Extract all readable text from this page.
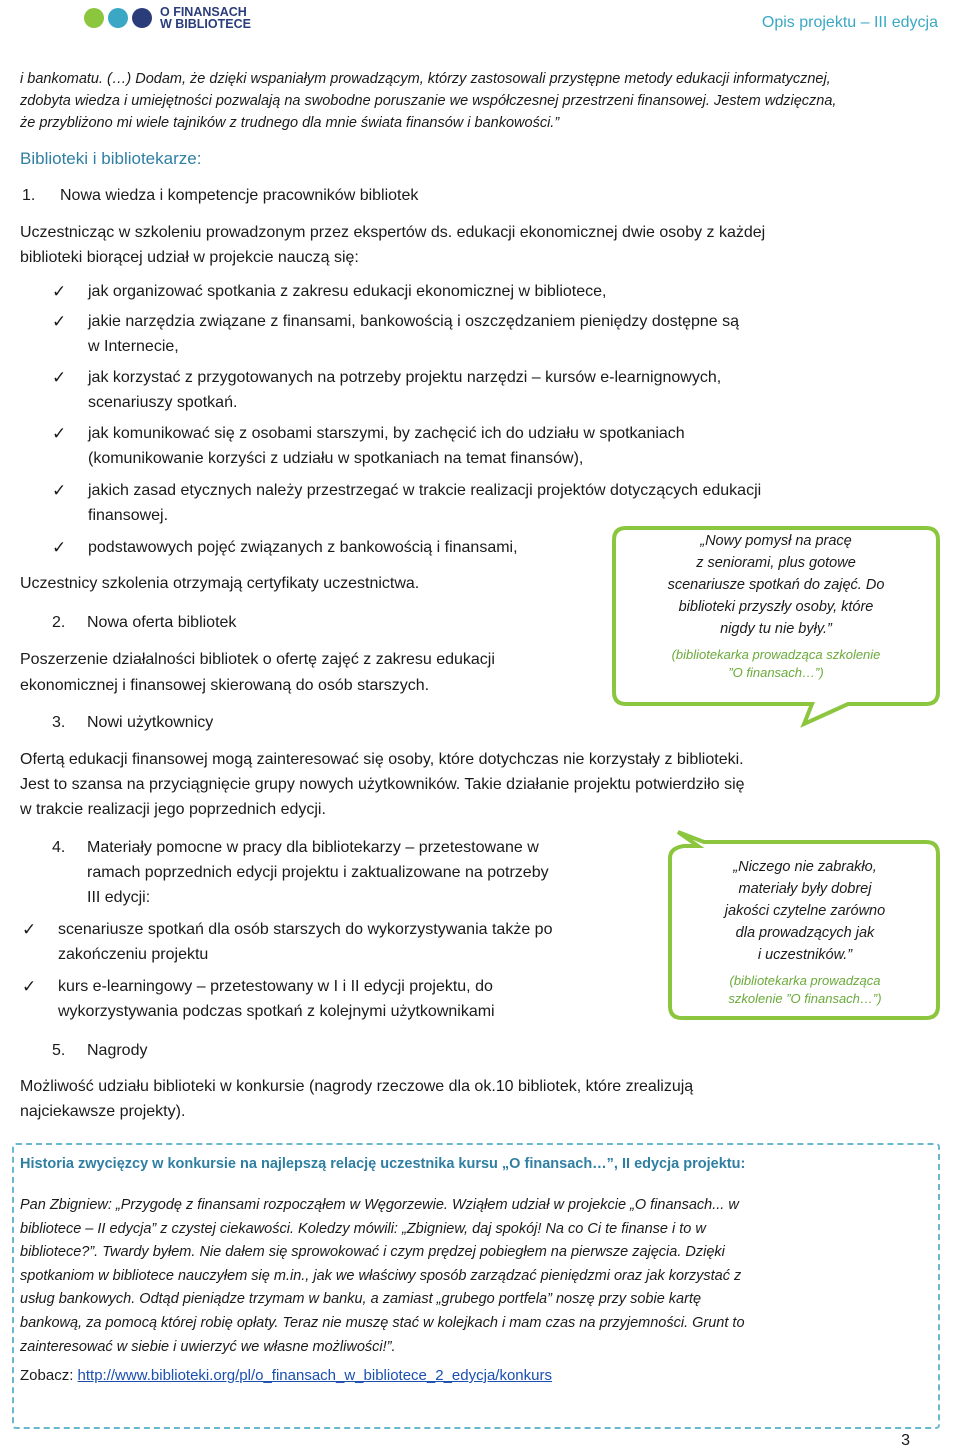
O FINANSACH
W BIBLIOTECE	Opis projektu – III edycja
i bankomatu. (…) Dodam, że dzięki wspaniałym prowadzącym, którzy zastosowali przystępne metody edukacji informatycznej,
zdobyta wiedza i umiejętności pozwalają na swobodne poruszanie we współczesnej przestrzeni finansowej. Jestem wdzięczna,
że przybliżono mi wiele tajników z trudnego dla mnie świata finansów i bankowości.”
Biblioteki i bibliotekarze:
1. Nowa wiedza i kompetencje pracowników bibliotek
Uczestnicząc w szkoleniu prowadzonym przez ekspertów ds. edukacji ekonomicznej dwie osoby z każdej
biblioteki biorącej udział w projekcie nauczą się:
✓ jak organizować spotkania z zakresu edukacji ekonomicznej w bibliotece,
✓ jakie narzędzia związane z finansami, bankowością i oszczędzaniem pieniędzy dostępne są
w Internecie,
✓ jak korzystać z przygotowanych na potrzeby projektu narzędzi – kursów e-learnignowych,
scenariuszy spotkań.
✓ jak komunikować się z osobami starszymi, by zachęcić ich do udziału w spotkaniach
(komunikowanie korzyści z udziału w spotkaniach na temat finansów),
✓ jakich zasad etycznych należy przestrzegać w trakcie realizacji projektów dotyczących edukacji
finansowej.
✓ podstawowych pojęć związanych z bankowością i finansami,
Uczestnicy szkolenia otrzymają certyfikaty uczestnictwa.
„Nowy pomysł na pracę
z seniorami, plus gotowe
scenariusze spotkań do zajęć. Do
biblioteki przyszły osoby, które
nigdy tu nie były.”
(bibliotekarka prowadząca szkolenie
”O finansach…”)
2. Nowa oferta bibliotek
Poszerzenie działalności bibliotek o ofertę zajęć z zakresu edukacji
ekonomicznej i finansowej skierowaną do osób starszych.
3. Nowi użytkownicy
Ofertą edukacji finansowej mogą zainteresować się osoby, które dotychczas nie korzystały z biblioteki.
Jest to szansa na przyciągnięcie grupy nowych użytkowników. Takie działanie projektu potwierdziło się
w trakcie realizacji jego poprzednich edycji.
4. Materiały pomocne w pracy dla bibliotekarzy – przetestowane w
ramach poprzednich edycji projektu i zaktualizowane na potrzeby
III edycji:
✓ scenariusze spotkań dla osób starszych do wykorzystywania także po
zakończeniu projektu
✓ kurs e-learningowy – przetestowany w I i II edycji projektu, do
wykorzystywania podczas spotkań z kolejnymi użytkownikami
„Niczego nie zabrakło,
materiały były dobrej
jakości czytelne zarówno
dla prowadzących jak
i uczestników.”
(bibliotekarka prowadząca
szkolenie ”O finansach…”)
5. Nagrody
Możliwość udziału biblioteki w konkursie (nagrody rzeczowe dla ok.10 bibliotek, które zrealizują
najciekawsze projekty).
Historia zwycięzcy w konkursie na najlepszą relację uczestnika kursu „O finansach…”, II edycja projektu:
Pan Zbigniew: „Przygodę z finansami rozpocząłem w Węgorzewie. Wziąłem udział w projekcie „O finansach... w
bibliotece – II edycja” z czystej ciekawości. Koledzy mówili: „Zbigniew, daj spokój! Na co Ci te finanse i to w
bibliotece?”. Twardy byłem. Nie dałem się sprowokować i czym prędzej pobiegłem na pierwsze zajęcia. Dzięki
spotkaniom w bibliotece nauczyłem się m.in., jak we właściwy sposób zarządzać pieniędzmi oraz jak korzystać z
usług bankowych. Odtąd pieniądze trzymam w banku, a zamiast „grubego portfela” noszę przy sobie kartę
bankową, za pomocą której robię opłaty. Teraz nie muszę stać w kolejkach i mam czas na przyjemności. Grunt to
zainteresować w siebie i uwierzyć we własne możliwości!”.
Zobacz: http://www.biblioteki.org/pl/o_finansach_w_bibliotece_2_edycja/konkurs
3
